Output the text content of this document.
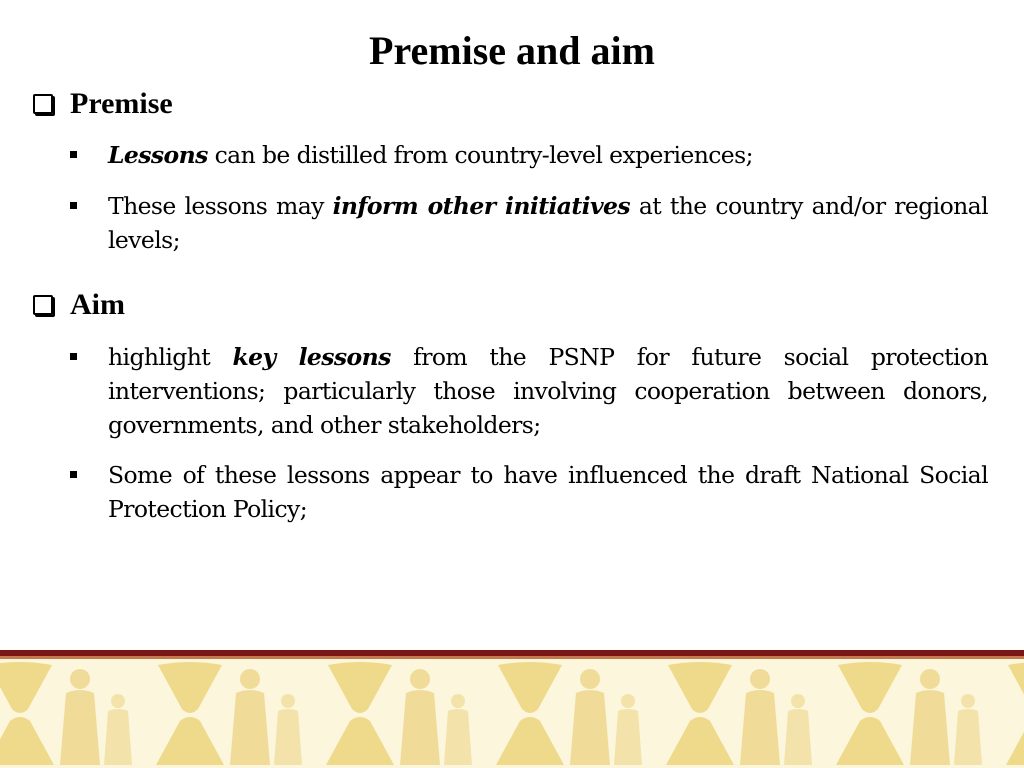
Premise and aim
Premise
Lessons can be distilled from country-level experiences;
These lessons may inform other initiatives at the country and/or regional levels;
Aim
highlight key lessons from the PSNP for future social protection interventions; particularly those involving cooperation between donors, governments, and other stakeholders;
Some of these lessons appear to have influenced the draft National Social Protection Policy;
